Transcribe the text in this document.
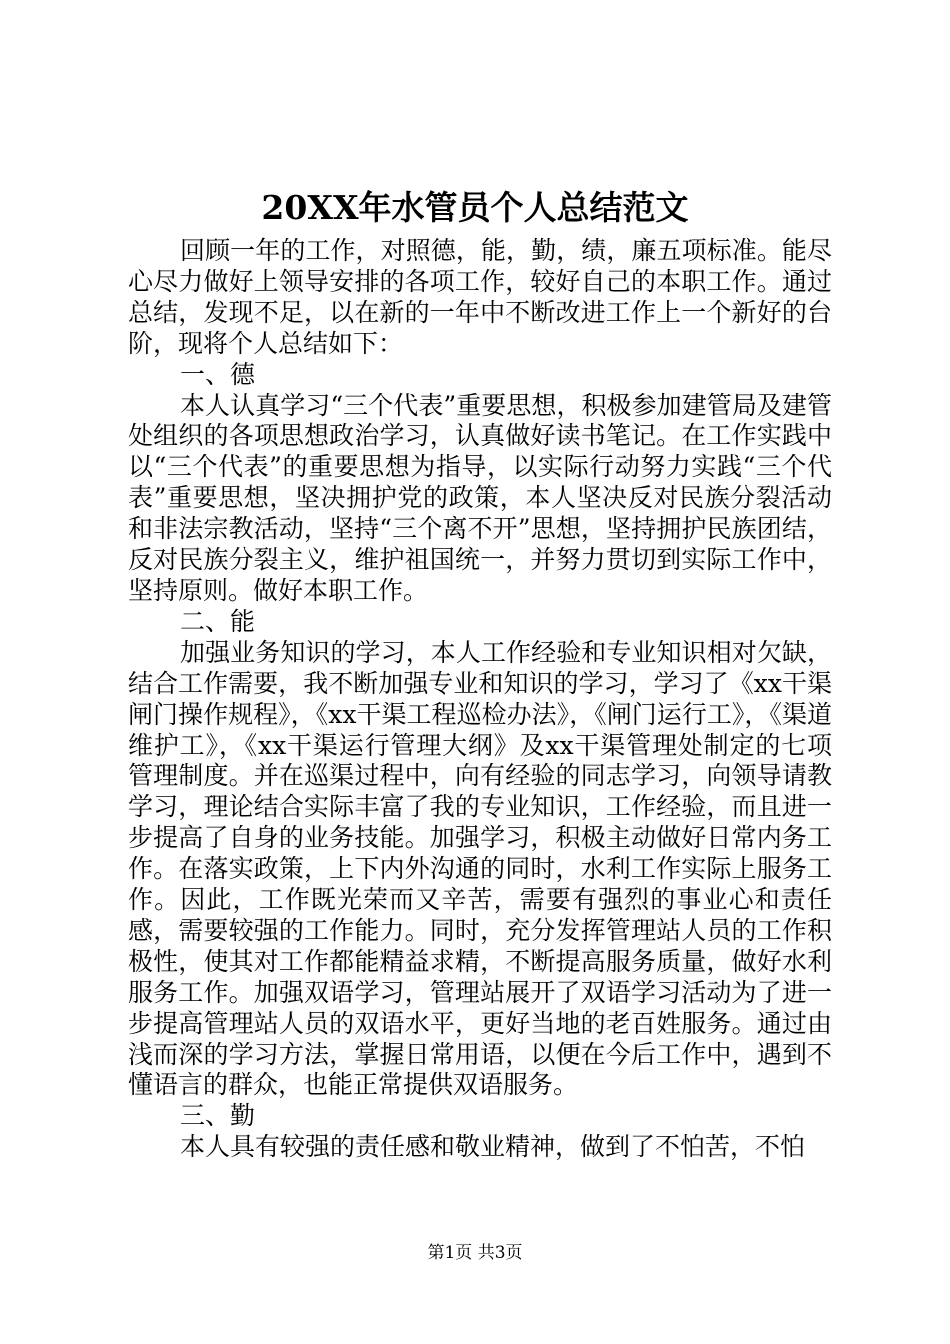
20XX年水管员个人总结范文

回顾一年的工作，对照德，能，勤，绩，廉五项标准。能尽心尽力做好上领导安排的各项工作，较好自己的本职工作。通过总结，发现不足，以在新的一年中不断改进工作上一个新好的台阶，现将个人总结如下：

一、德

本人认真学习“三个代表”重要思想，积极参加建管局及建管处组织的各项思想政治学习，认真做好读书笔记。在工作实践中以“三个代表”的重要思想为指导，以实际行动努力实践“三个代表”重要思想，坚决拥护党的政策，本人坚决反对民族分裂活动和非法宗教活动，坚持“三个离不开”思想，坚持拥护民族团结，反对民族分裂主义，维护祖国统一，并努力贯切到实际工作中，坚持原则。做好本职工作。

二、能

加强业务知识的学习，本人工作经验和专业知识相对欠缺，结合工作需要，我不断加强专业和知识的学习，学习了《xx干渠闸门操作规程》，《xx干渠工程巡检办法》，《闸门运行工》，《渠道维护工》，《xx干渠运行管理大纲》及xx干渠管理处制定的七项管理制度。并在巡渠过程中，向有经验的同志学习，向领导请教学习，理论结合实际丰富了我的专业知识，工作经验，而且进一步提高了自身的业务技能。加强学习，积极主动做好日常内务工作。在落实政策，上下内外沟通的同时，水利工作实际上服务工作。因此，工作既光荣而又辛苦，需要有强烈的事业心和责任感，需要较强的工作能力。同时，充分发挥管理站人员的工作积极性，使其对工作都能精益求精，不断提高服务质量，做好水利服务工作。加强双语学习，管理站展开了双语学习活动为了进一步提高管理站人员的双语水平，更好当地的老百姓服务。通过由浅而深的学习方法，掌握日常用语，以便在今后工作中，遇到不懂语言的群众，也能正常提供双语服务。

三、勤

本人具有较强的责任感和敬业精神，做到了不怕苦，不怕

第1页 共3页
